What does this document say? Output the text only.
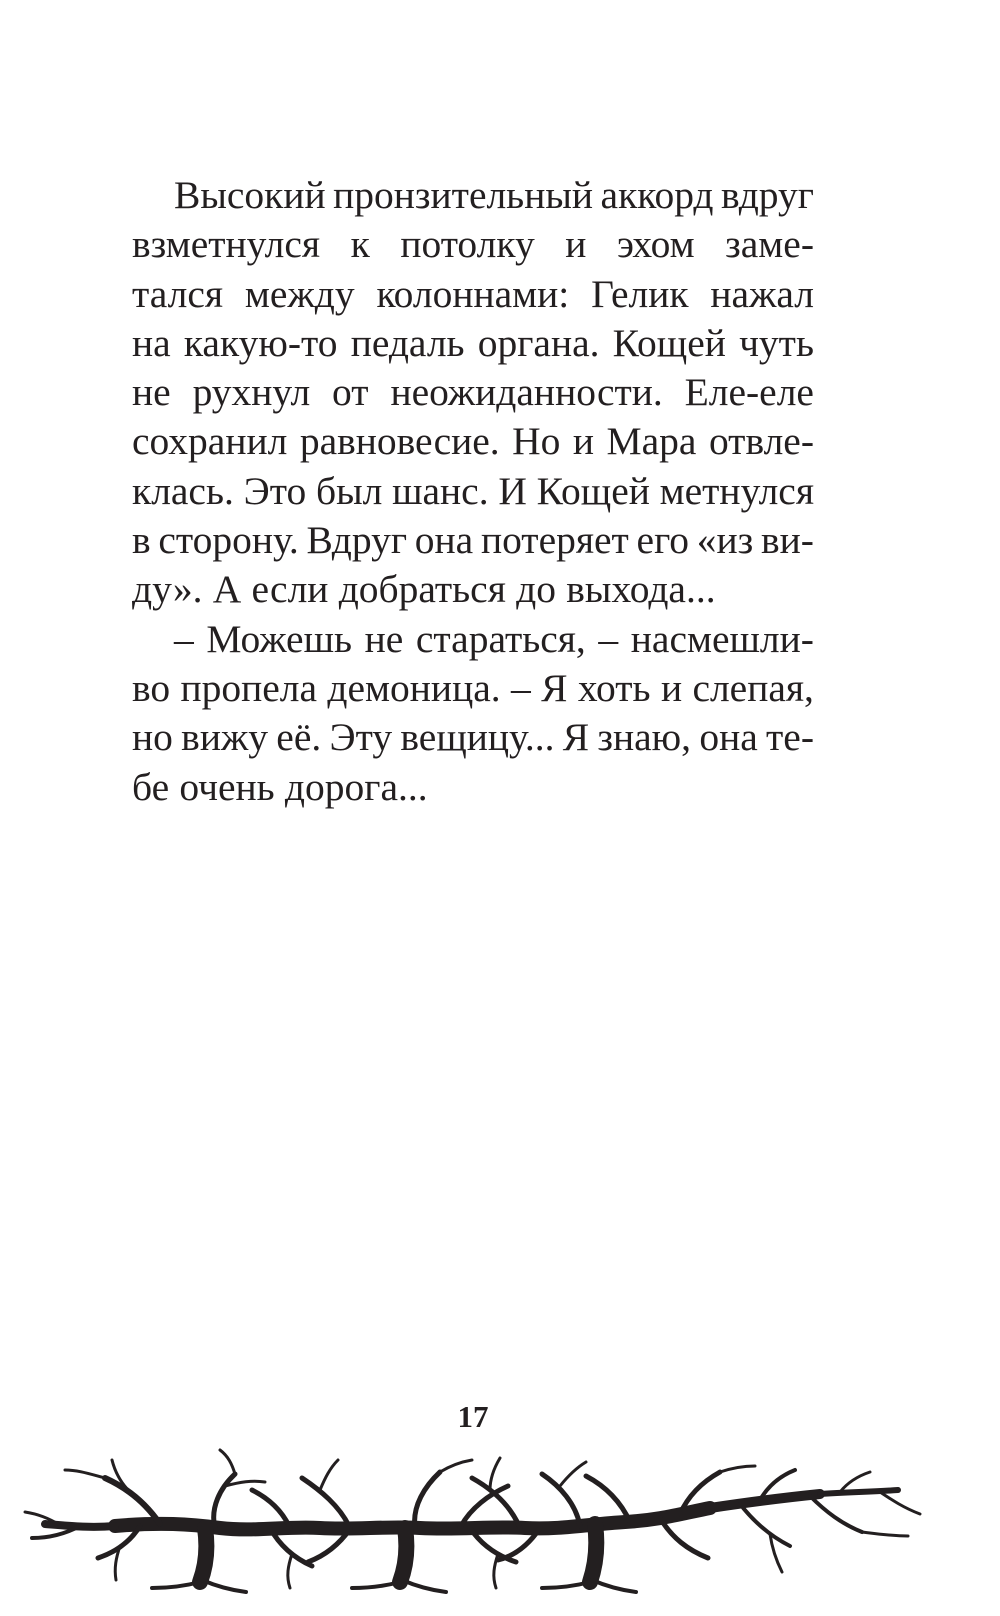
Высокий пронзительный аккорд вдруг
взметнулся к потолку и эхом заме-
тался между колоннами: Гелик нажал
на какую-то педаль органа. Кощей чуть
не рухнул от неожиданности. Еле-еле
сохранил равновесие. Но и Мара отвле-
клась. Это был шанс. И Кощей метнулся
в сторону. Вдруг она потеряет его «из ви-
ду». А если добраться до выхода...
– Можешь не стараться, – насмешли-
во пропела демоница. – Я хоть и слепая,
но вижу её. Эту вещицу... Я знаю, она те-
бе очень дорога...
17
